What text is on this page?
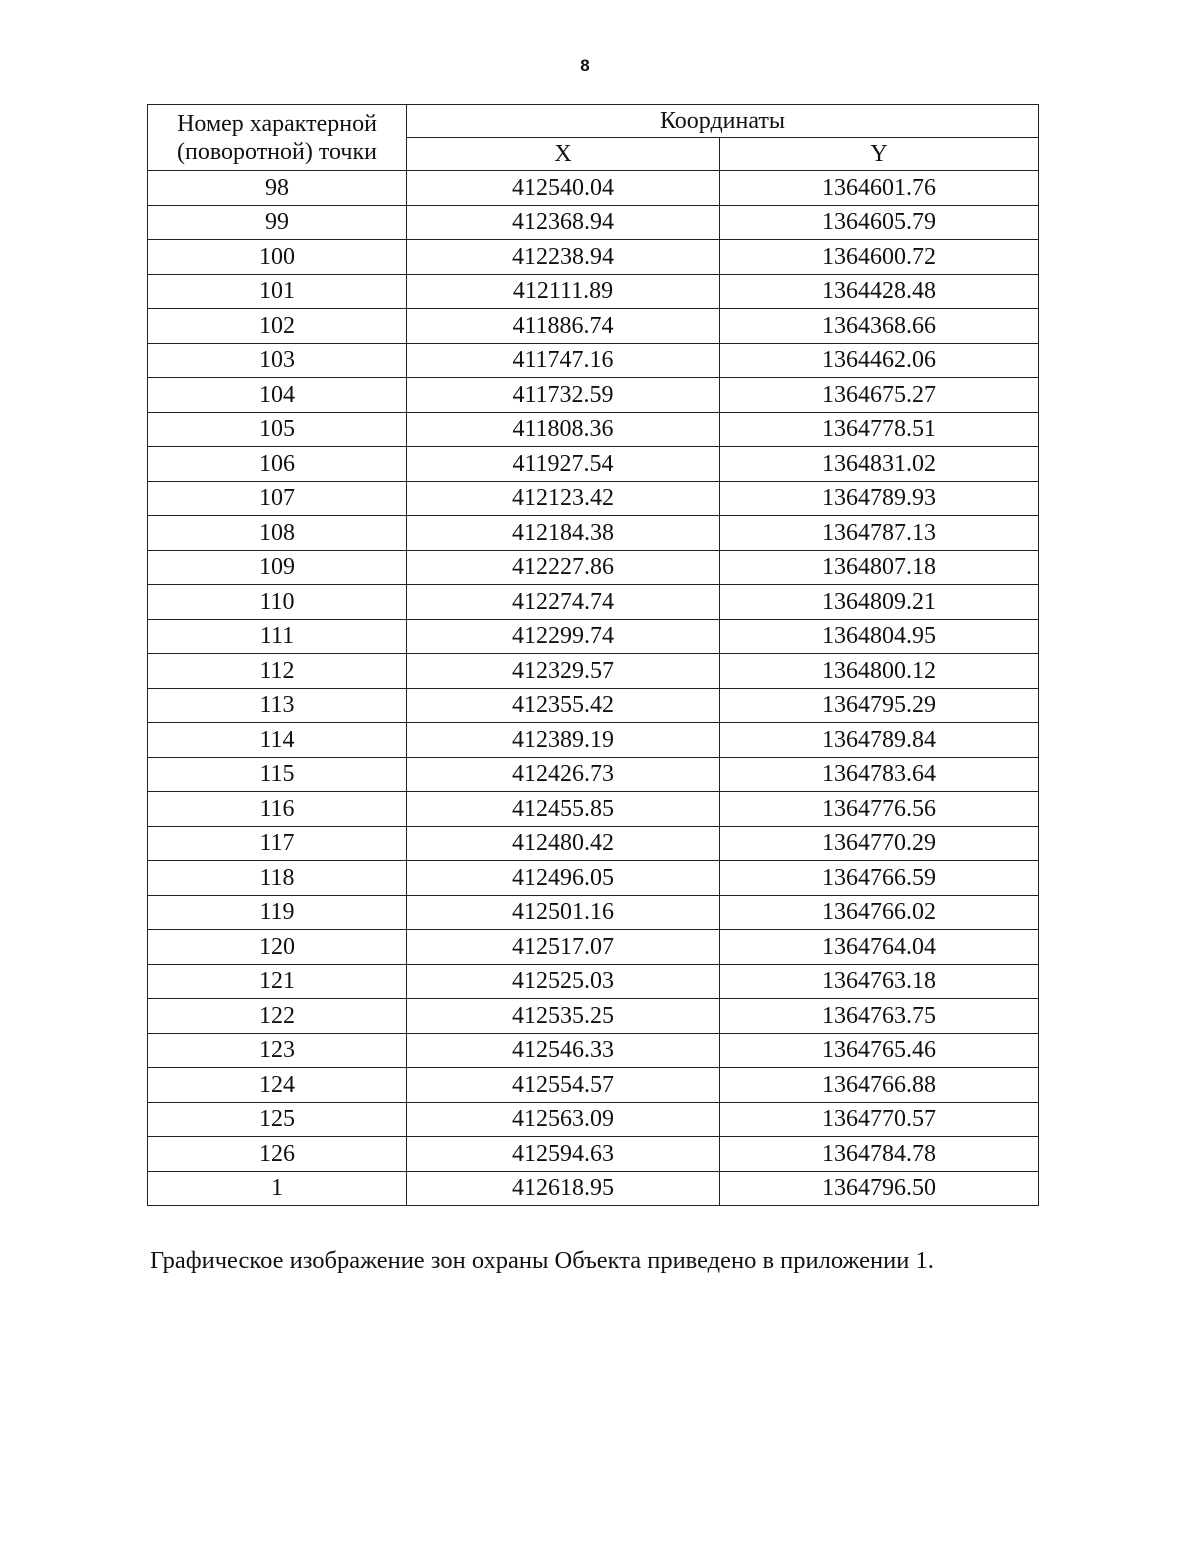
8
Номер характерной
(поворотной) точки	Координаты	
	X	Y
98	412540.04	1364601.76
99	412368.94	1364605.79
100	412238.94	1364600.72
101	412111.89	1364428.48
102	411886.74	1364368.66
103	411747.16	1364462.06
104	411732.59	1364675.27
105	411808.36	1364778.51
106	411927.54	1364831.02
107	412123.42	1364789.93
108	412184.38	1364787.13
109	412227.86	1364807.18
110	412274.74	1364809.21
111	412299.74	1364804.95
112	412329.57	1364800.12
113	412355.42	1364795.29
114	412389.19	1364789.84
115	412426.73	1364783.64
116	412455.85	1364776.56
117	412480.42	1364770.29
118	412496.05	1364766.59
119	412501.16	1364766.02
120	412517.07	1364764.04
121	412525.03	1364763.18
122	412535.25	1364763.75
123	412546.33	1364765.46
124	412554.57	1364766.88
125	412563.09	1364770.57
126	412594.63	1364784.78
1	412618.95	1364796.50
Графическое изображение зон охраны Объекта приведено в приложении 1.
